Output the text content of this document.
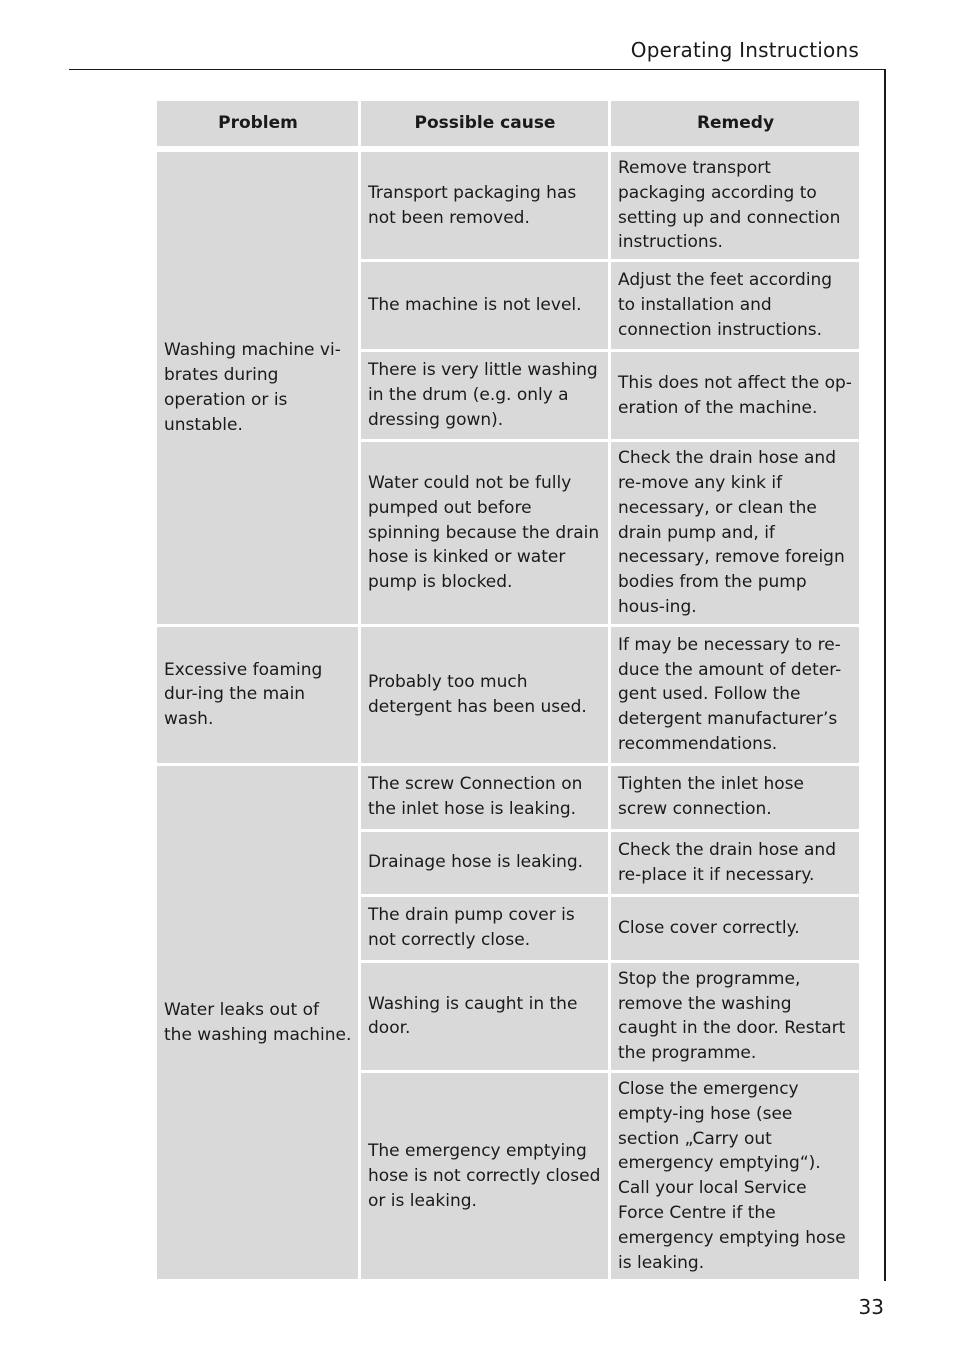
Operating Instructions
Problem	Possible cause	Remedy
Washing machine vi-brates during operation or is unstable.	Transport packaging has not been removed.	Remove transport packaging according to setting up and connection instructions.
	The machine is not level.	Adjust the feet according to installation and connection instructions.
	There is very little washing in the drum (e.g. only a dressing gown).	This does not affect the op-eration of the machine.
	Water could not be fully pumped out before spinning because the drain hose is kinked or water pump is blocked.	Check the drain hose and re-move any kink if necessary, or clean the drain pump and, if necessary, remove foreign bodies from the pump hous-ing.
Excessive foaming dur-ing the main wash.	Probably too much detergent has been used.	If may be necessary to re-duce the amount of deter-gent used. Follow the detergent manufacturer’s recommendations.
Water leaks out of the washing machine.	The screw Connection on the inlet hose is leaking.	Tighten the inlet hose screw connection.
	Drainage hose is leaking.	Check the drain hose and re-place it if necessary.
	The drain pump cover is not correctly close.	Close cover correctly.
	Washing is caught in the door.	Stop the programme, remove the washing caught in the door. Restart the programme.
	The emergency emptying hose is not correctly closed or is leaking.	Close the emergency empty-ing hose (see section „Carry out emergency emptying“). Call your local Service Force Centre if the emergency emptying hose is leaking.
33
